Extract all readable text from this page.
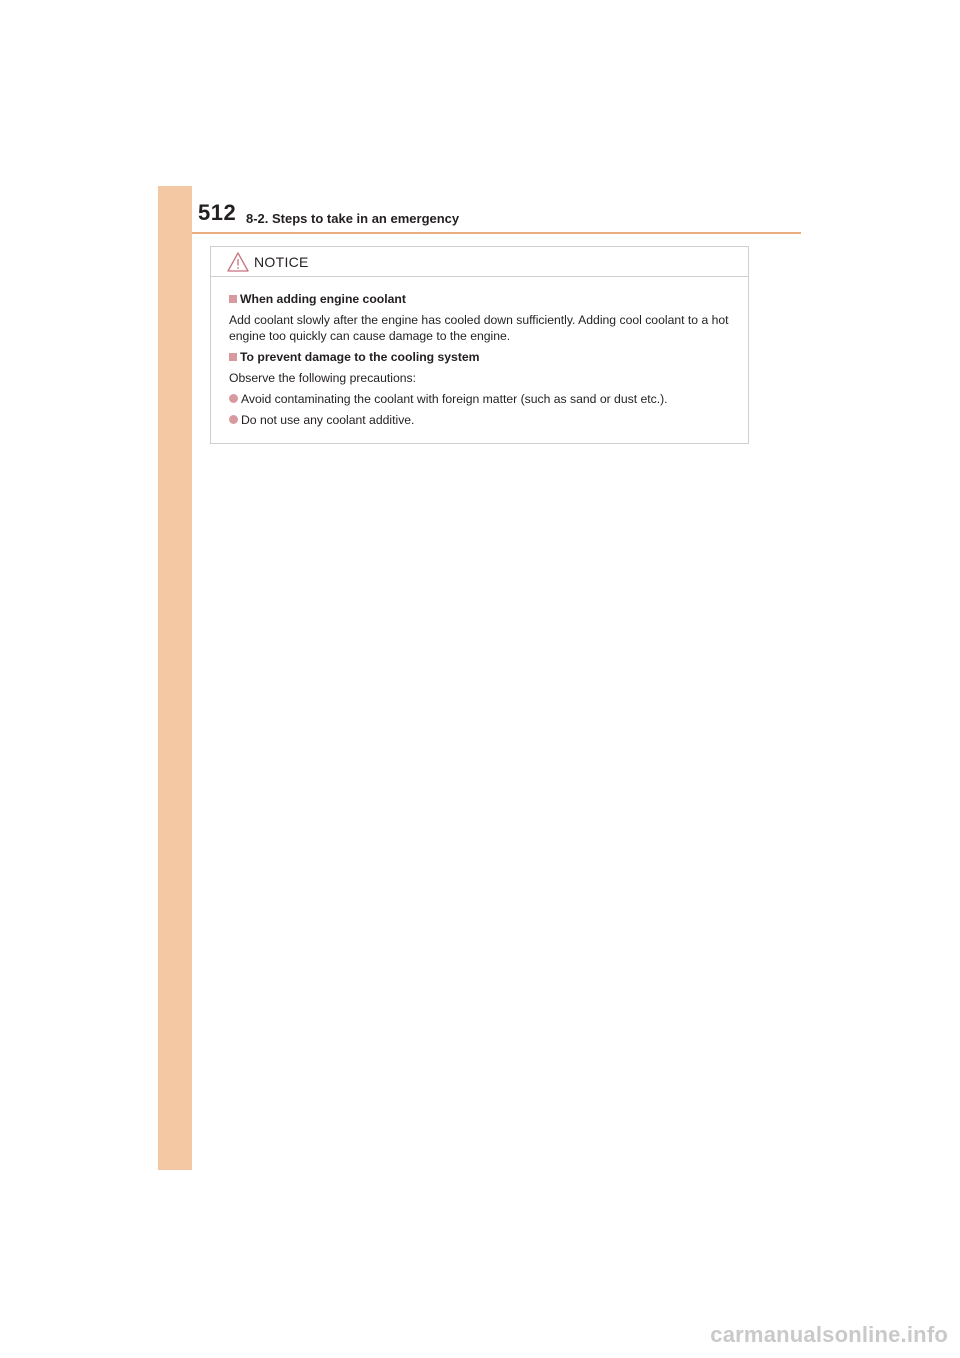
512 8-2. Steps to take in an emergency
NOTICE
When adding engine coolant
Add coolant slowly after the engine has cooled down sufficiently. Adding cool coolant to a hot engine too quickly can cause damage to the engine.
To prevent damage to the cooling system
Observe the following precautions:
Avoid contaminating the coolant with foreign matter (such as sand or dust etc.).
Do not use any coolant additive.
carmanualsonline.info
